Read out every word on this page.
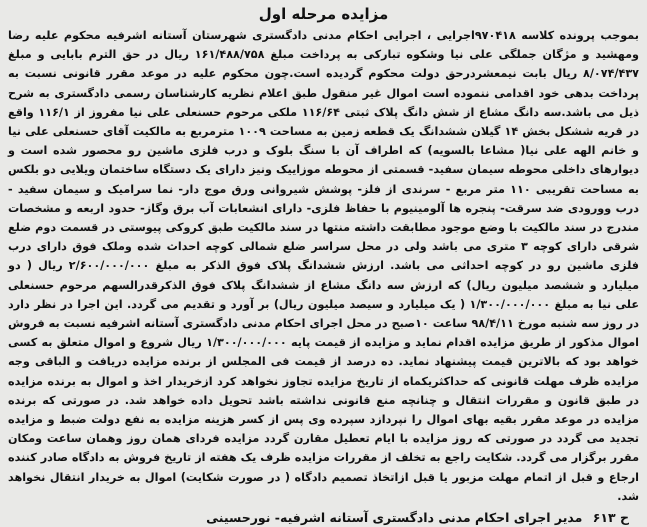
مزایده مرحله اول

بموجب پرونده کلاسه ۹۷۰۴۱۸اجرایی ، اجرایی احکام مدنی دادگستری شهرستان آستانه اشرفیه محکوم علیه رضا ومهشید و مژگان جملگی علی نیا وشکوه تبارکی به پرداخت مبلغ ۱۶۱/۴۸۸/۷۵۸ ریال در حق الترم بابایی و مبلغ ۸/۰۷۴/۴۳۷ ریال بابت نیمعشردرحق دولت محکوم گردیده است.چون محکوم علیه در موعد مقرر قانونی نسبت به پرداخت بدهی خود اقدامی ننموده است اموال غیر منقول طبق اعلام نظریه کارشناسان رسمی دادگستری به شرح ذیل می باشد.سه دانگ مشاع از شش دانگ پلاک ثبتی ۱۱۶/۶۴ ملکی مرحوم حسنعلی علی نیا مفروز از ۱۱۶/۱ واقع در قریه ششکل بخش ۱۴ گیلان ششدانگ یک قطعه زمین به مساحت ۱۰۰۹ مترمربع به مالکیت آقای حسنعلی علی نیا و خانم الهه علی نیا( مشاعا بالسویه) که اطراف آن با سنگ بلوک و درب فلزی ماشین رو محصور شده است و دیوارهای داخلی محوطه سیمان سفید- قسمتی از محوطه موزاییک ونیز دارای یک دستگاه ساختمان ویلایی دو بلکس به مساحت تقریبی ۱۱۰ متر مربع - سرندی از فلز- پوشش شیروانی ورق موج دار- نما سرامیک و سیمان سفید - درب وورودی ضد سرقت- پنجره ها آلومینیوم با حفاظ فلزی- دارای انشعابات آب برق وگاز- حدود اربعه و مشخصات مندرج در سند مالکیت با وضع موجود مطابقت داشته منتها در سند مالکیت طبق کروکی پیوستی در قسمت دوم ضلع شرقی دارای کوچه ۳ متری می باشد ولی در محل سراسر ضلع شمالی کوچه احداث شده وملک فوق دارای درب فلزی ماشین رو در کوچه احداثی می باشد. ارزش ششدانگ پلاک فوق الذکر به مبلغ ۲/۶۰۰/۰۰۰/۰۰۰ ریال ( دو میلیارد و ششصد میلیون ریال) که ارزش سه دانگ مشاع از ششدانگ پلاک فوق الذکرقدرالسهم مرحوم حسنعلی علی نیا به مبلغ ۱/۳۰۰/۰۰۰/۰۰۰ ( یک میلیارد و سیصد میلیون ریال) بر آورد و تقدیم می گردد. این اجرا در نظر دارد در روز سه شنبه مورخ ۹۸/۴/۱۱ ساعت ۱۰صبح در محل اجرای احکام مدنی دادگستری آستانه اشرفیه نسبت به فروش اموال مذکور از طریق مزایده اقدام نماید و مزایده از قیمت پایه ۱/۳۰۰/۰۰۰/۰۰۰ ریال شروع و اموال متعلق به کسی خواهد بود که بالاترین قیمت پیشنهاد نماید. ده درصد از قیمت فی المجلس از برنده مزایده دریافت و الباقی وجه مزایده ظرف مهلت قانونی که حداکثریکماه از تاریخ مزایده تجاوز نخواهد کرد ازخریدار اخذ و اموال به برنده مزایده در طبق قانون و مقررات انتقال و چنانچه منع قانونی نداشته باشد تحویل داده خواهد شد. در صورتی که برنده مزایده در موعد مقرر بقیه بهای اموال را نپردازد سپرده وی پس از کسر هزینه مزایده به نفع دولت ضبط و مزایده تجدید می گردد در صورتی که روز مزایده با ایام تعطیل مقارن گردد مزایده فردای همان روز وهمان ساعت ومکان مقرر برگزار می گردد. شکایت راجع به تخلف از مقررات مزایده ظرف یک هفته از تاریخ فروش به دادگاه صادر کننده ارجاع و قبل از اتمام مهلت مزبور یا قبل ازاتخاذ تصمیم دادگاه ( در صورت شکایت) اموال به خریدار انتقال نخواهد شد.

ح ۶۱۳ مدیر اجرای احکام مدنی دادگستری آستانه اشرفیه- نورحسینی
